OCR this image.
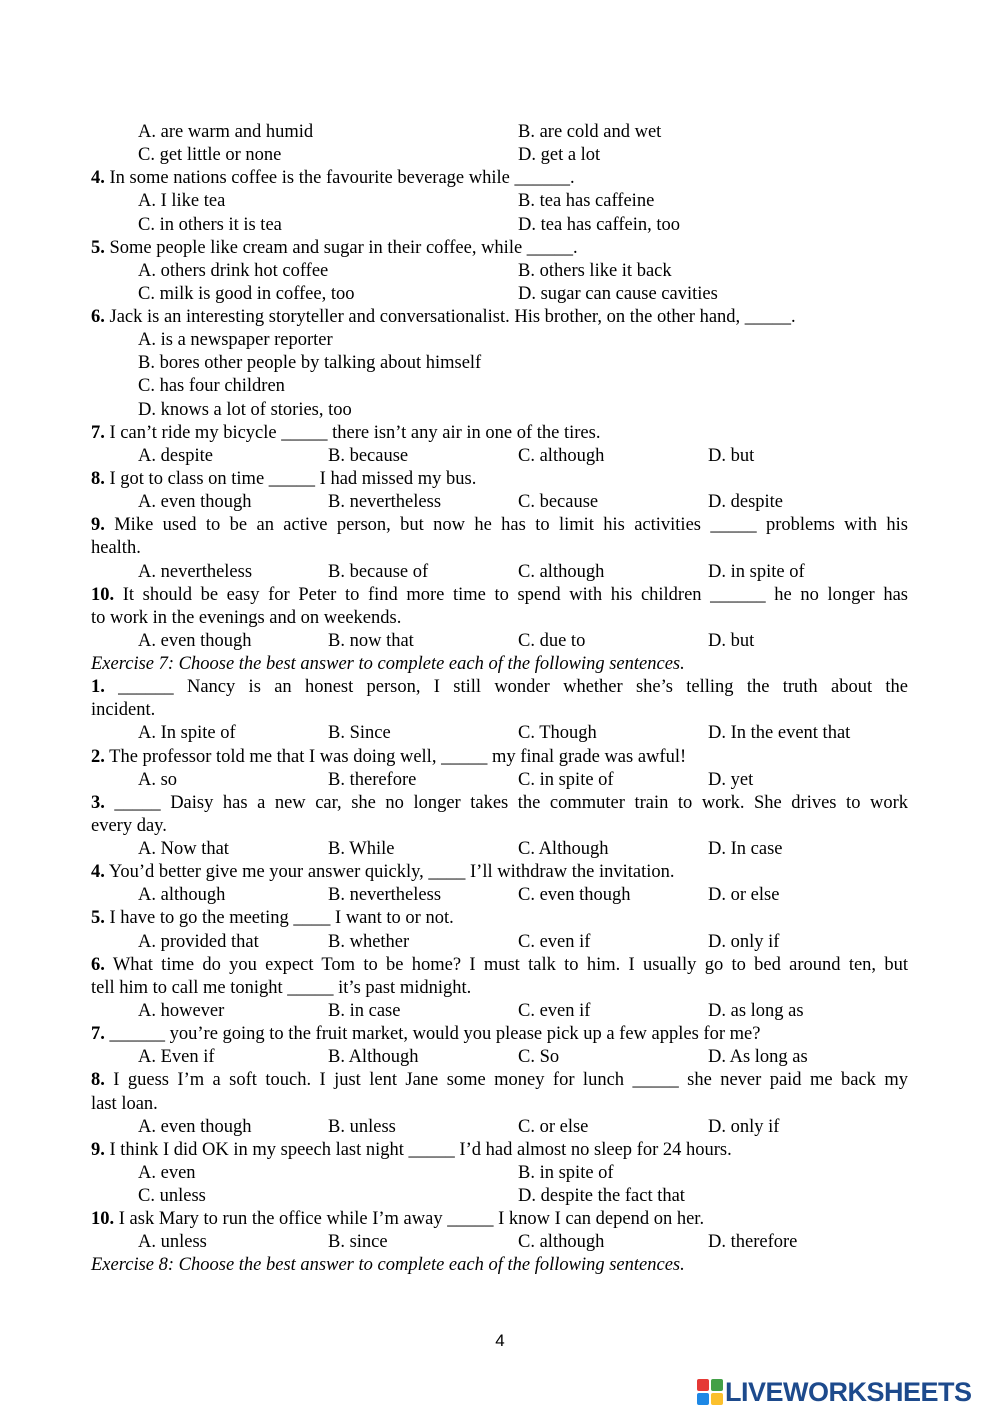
A. are warm and humid	B. are cold and wet
C. get little or none	D. get a lot
4. In some nations coffee is the favourite beverage while ______.
A. I like tea	B. tea has caffeine
C. in others it is tea	D. tea has caffein, too
5. Some people like cream and sugar in their coffee, while _____.
A. others drink hot coffee	B. others like it back
C. milk is good in coffee, too	D. sugar can cause cavities
6. Jack is an interesting storyteller and conversationalist. His brother, on the other hand, _____.
A. is a newspaper reporter
B. bores other people by talking about himself
C. has four children
D. knows a lot of stories, too
7. I can’t ride my bicycle _____ there isn’t any air in one of the tires.
A. despite	B. because	C. although	D. but
8. I got to class on time _____ I had missed my bus.
A. even though	B. nevertheless	C. because	D. despite
9. Mike used to be an active person, but now he has to limit his activities _____ problems with his
health.
A. nevertheless	B. because of	C. although	D. in spite of
10. It should be easy for Peter to find more time to spend with his children ______ he no longer has
to work in the evenings and on weekends.
A. even though	B. now that	C. due to	D. but
Exercise 7: Choose the best answer to complete each of the following sentences.
1. ______ Nancy is an honest person, I still wonder whether she’s telling the truth about the
incident.
A. In spite of	B. Since	C. Though	D. In the event that
2. The professor told me that I was doing well, _____ my final grade was awful!
A. so	B. therefore	C. in spite of	D. yet
3. _____ Daisy has a new car, she no longer takes the commuter train to work. She drives to work
every day.
A. Now that	B. While	C. Although	D. In case
4. You’d better give me your answer quickly, ____ I’ll withdraw the invitation.
A. although	B. nevertheless	C. even though	D. or else
5. I have to go the meeting ____ I want to or not.
A. provided that	B. whether	C. even if	D. only if
6. What time do you expect Tom to be home? I must talk to him. I usually go to bed around ten, but
tell him to call me tonight _____ it’s past midnight.
A. however	B. in case	C. even if	D. as long as
7. ______ you’re going to the fruit market, would you please pick up a few apples for me?
A. Even if	B. Although	C. So	D. As long as
8. I guess I’m a soft touch. I just lent Jane some money for lunch _____ she never paid me back my
last loan.
A. even though	B. unless	C. or else	D. only if
9. I think I did OK in my speech last night _____ I’d had almost no sleep for 24 hours.
A. even	B. in spite of
C. unless	D. despite the fact that
10. I ask Mary to run the office while I’m away _____ I know I can depend on her.
A. unless	B. since	C. although	D. therefore
Exercise 8: Choose the best answer to complete each of the following sentences.
4
LIVEWORKSHEETS
